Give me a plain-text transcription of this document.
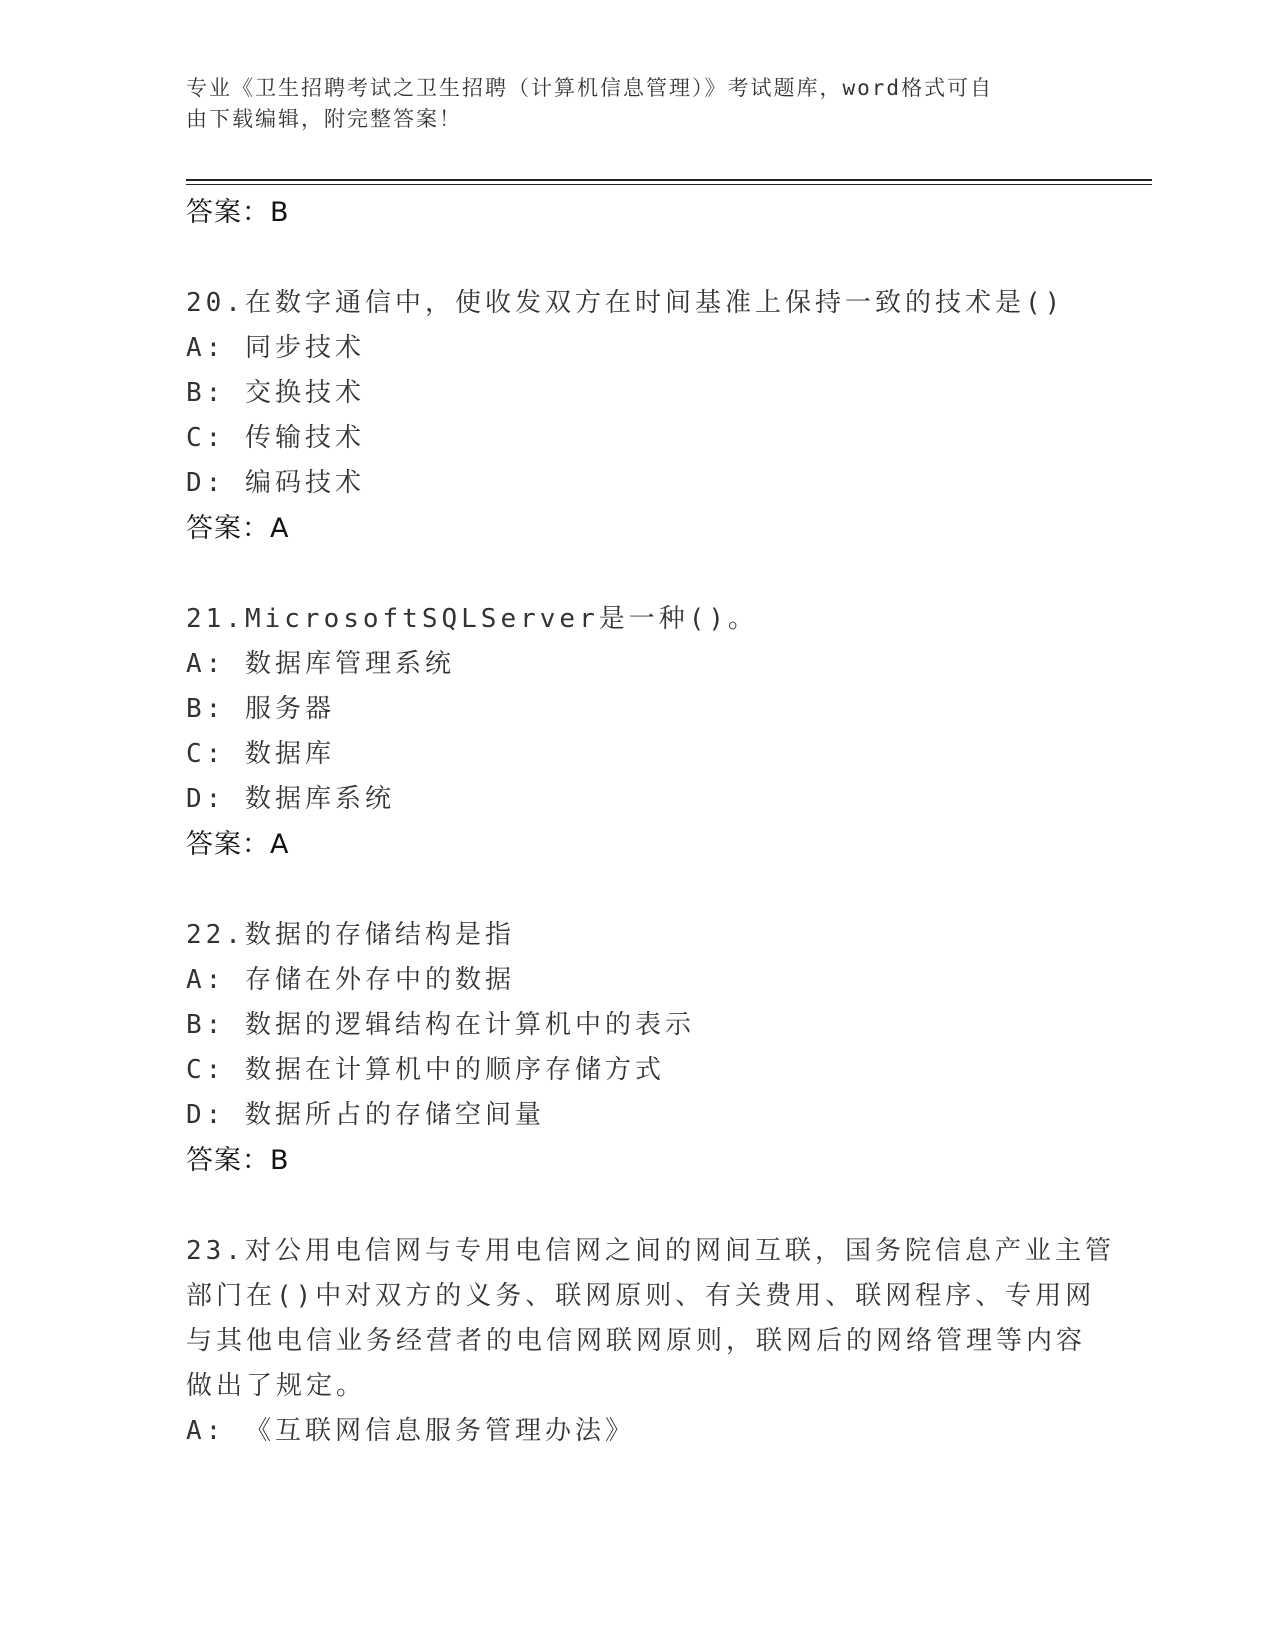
专业《卫生招聘考试之卫生招聘（计算机信息管理）》考试题库，word格式可自
由下载编辑，附完整答案！
答案：B
20.在数字通信中，使收发双方在时间基准上保持一致的技术是()
A: 同步技术
B: 交换技术
C: 传输技术
D: 编码技术
答案：A
21.MicrosoftSQLServer是一种()。
A: 数据库管理系统
B: 服务器
C: 数据库
D: 数据库系统
答案：A
22.数据的存储结构是指
A: 存储在外存中的数据
B: 数据的逻辑结构在计算机中的表示
C: 数据在计算机中的顺序存储方式
D: 数据所占的存储空间量
答案：B
23.对公用电信网与专用电信网之间的网间互联，国务院信息产业主管
部门在()中对双方的义务、联网原则、有关费用、联网程序、专用网
与其他电信业务经营者的电信网联网原则，联网后的网络管理等内容
做出了规定。
A: 《互联网信息服务管理办法》
